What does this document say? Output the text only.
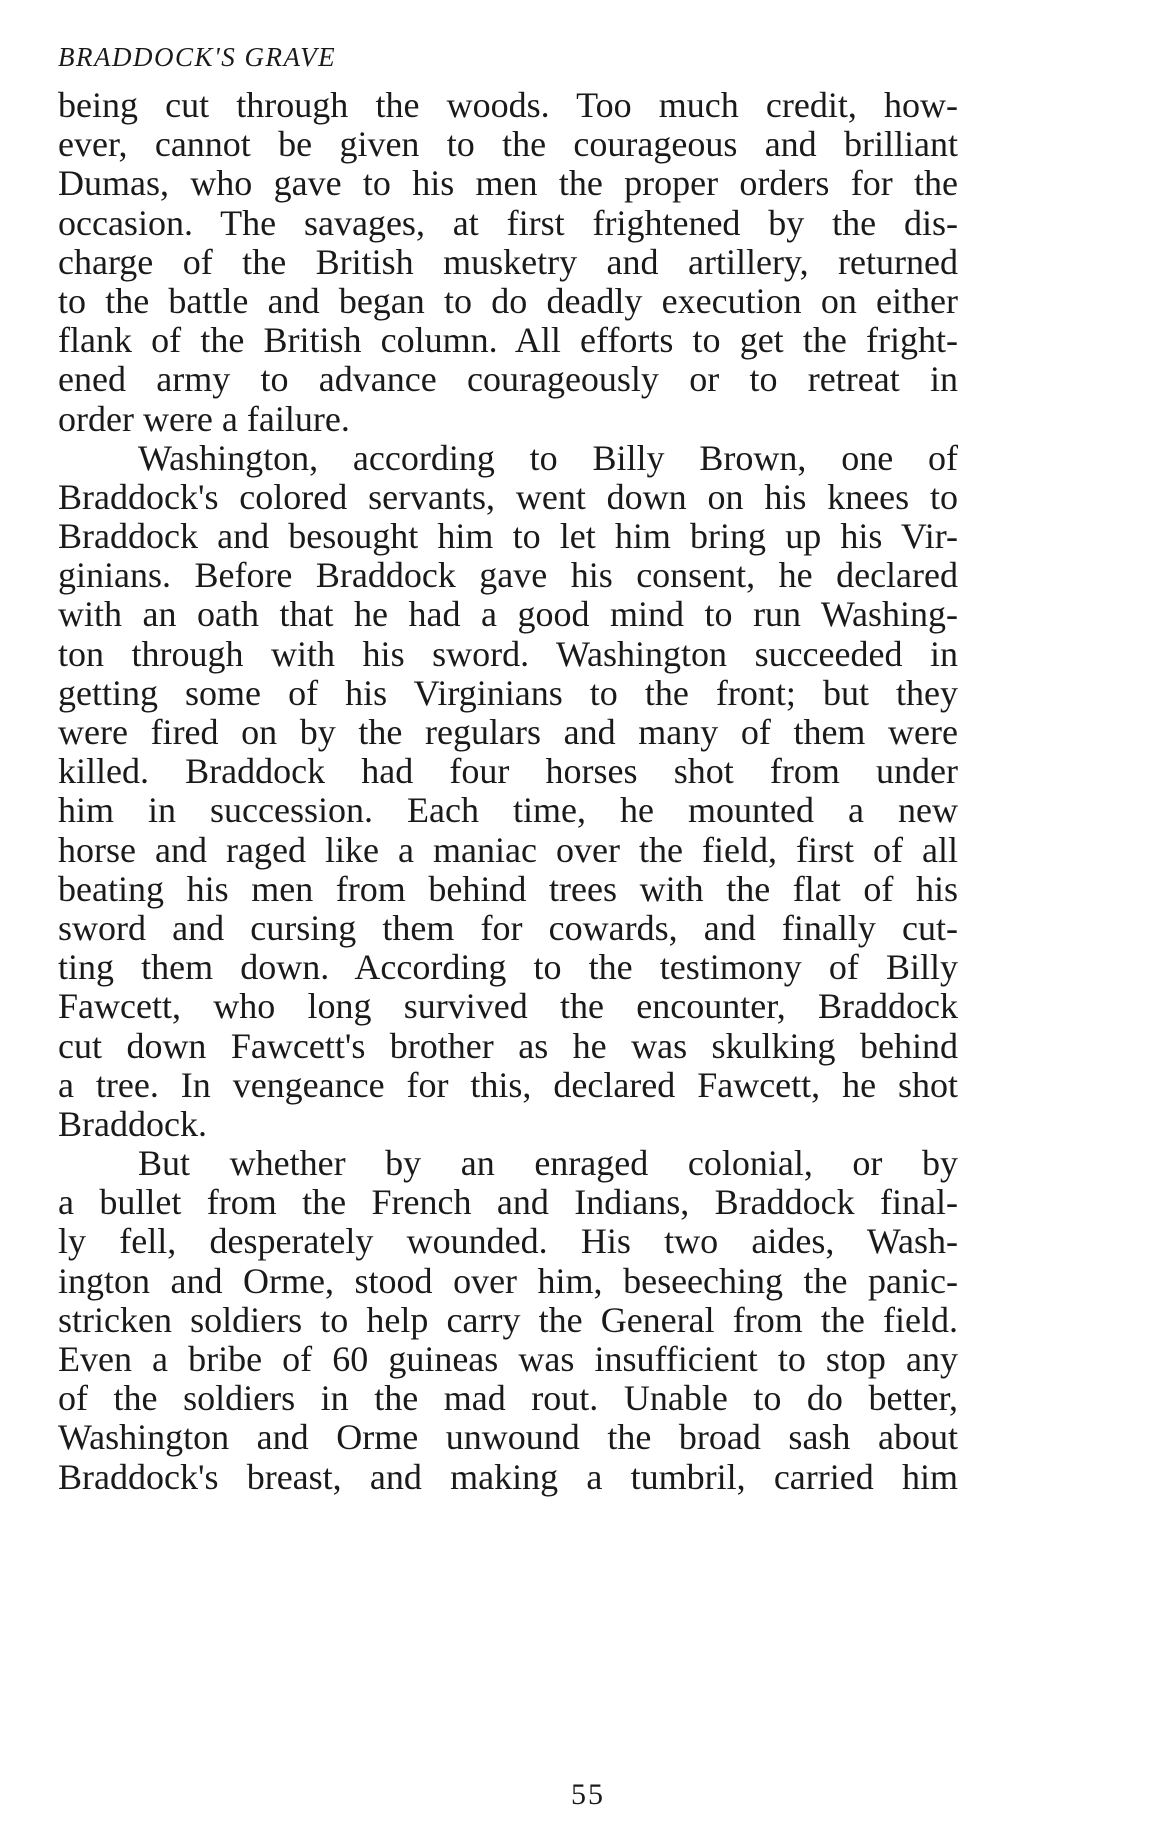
BRADDOCK'S GRAVE
being cut through the woods. Too much credit, how-
ever, cannot be given to the courageous and brilliant
Dumas, who gave to his men the proper orders for the
occasion. The savages, at first frightened by the dis-
charge of the British musketry and artillery, returned
to the battle and began to do deadly execution on either
flank of the British column. All efforts to get the fright-
ened army to advance courageously or to retreat in
order were a failure.
Washington, according to Billy Brown, one of
Braddock's colored servants, went down on his knees to
Braddock and besought him to let him bring up his Vir-
ginians. Before Braddock gave his consent, he declared
with an oath that he had a good mind to run Washing-
ton through with his sword. Washington succeeded in
getting some of his Virginians to the front; but they
were fired on by the regulars and many of them were
killed. Braddock had four horses shot from under
him in succession. Each time, he mounted a new
horse and raged like a maniac over the field, first of all
beating his men from behind trees with the flat of his
sword and cursing them for cowards, and finally cut-
ting them down. According to the testimony of Billy
Fawcett, who long survived the encounter, Braddock
cut down Fawcett's brother as he was skulking behind
a tree. In vengeance for this, declared Fawcett, he shot
Braddock.
But whether by an enraged colonial, or by
a bullet from the French and Indians, Braddock final-
ly fell, desperately wounded. His two aides, Wash-
ington and Orme, stood over him, beseeching the panic-
stricken soldiers to help carry the General from the field.
Even a bribe of 60 guineas was insufficient to stop any
of the soldiers in the mad rout. Unable to do better,
Washington and Orme unwound the broad sash about
Braddock's breast, and making a tumbril, carried him
55
